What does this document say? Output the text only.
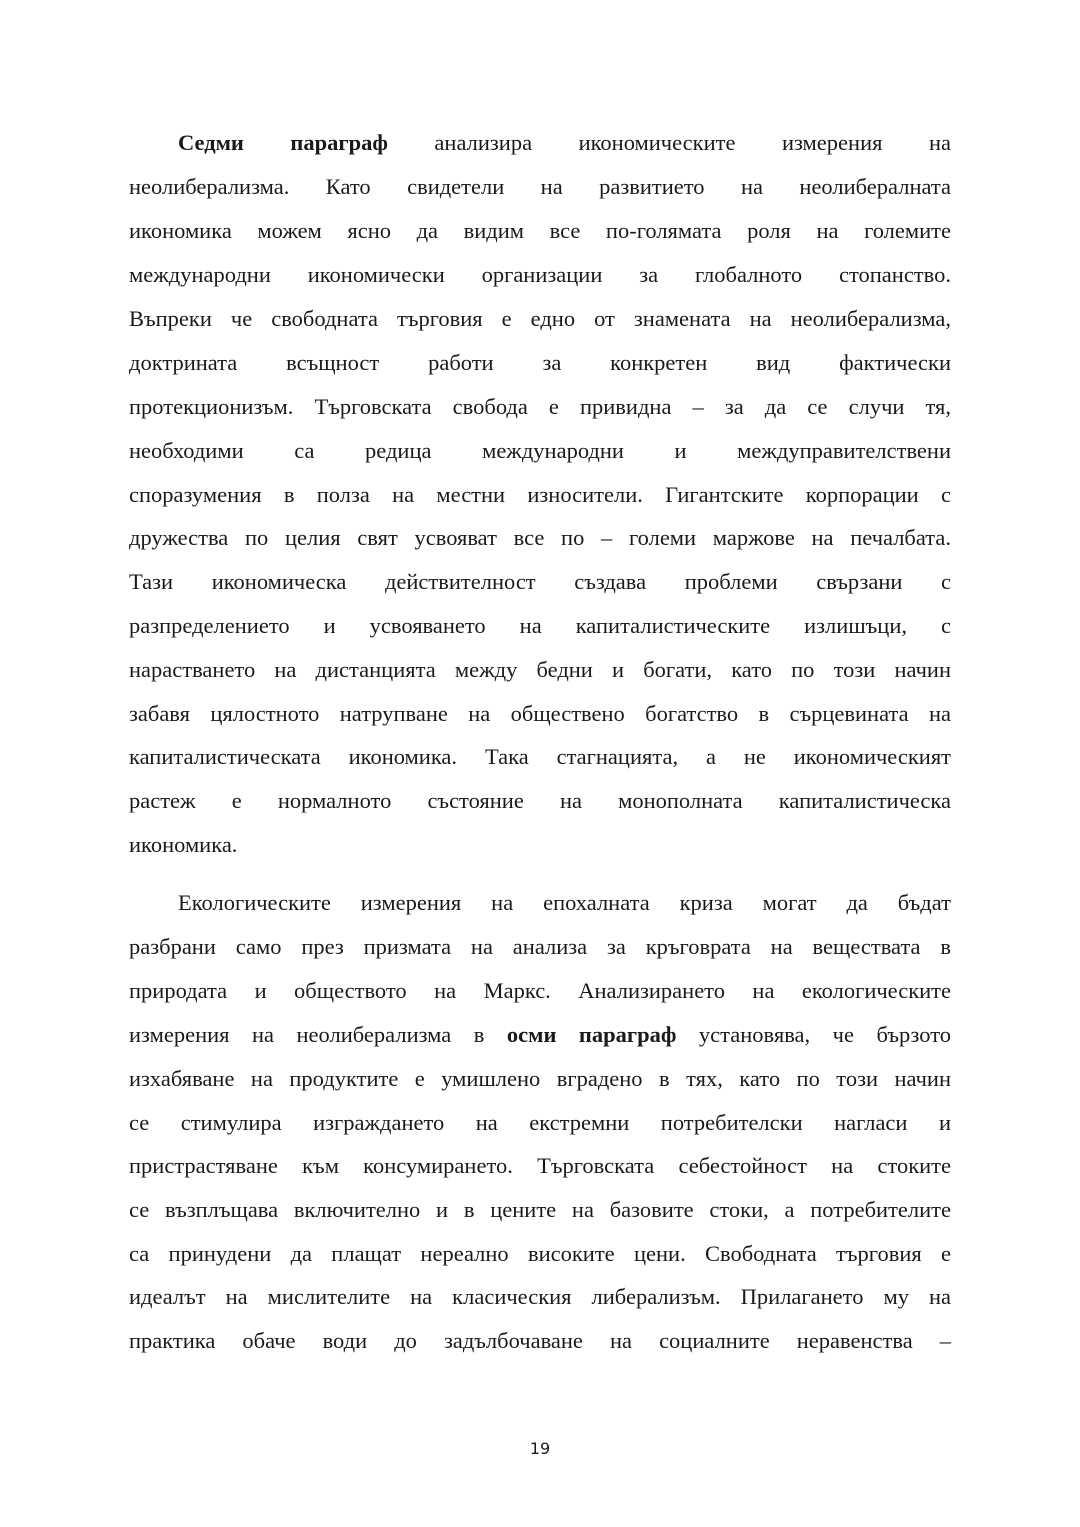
Седми параграф анализира икономическите измерения на
неолиберализма. Като свидетели на развитието на неолибералната
икономика можем ясно да видим все по-голямата роля на големите
международни икономически организации за глобалното стопанство.
Въпреки че свободната търговия е едно от знамената на неолиберализма,
доктрината всъщност работи за конкретен вид фактически
протекционизъм. Търговската свобода е привидна – за да се случи тя,
необходими са редица международни и междуправителствени
споразумения в полза на местни износители. Гигантските корпорации с
дружества по целия свят усвояват все по – големи маржове на печалбата.
Тази икономическа действителност създава проблеми свързани с
разпределението и усвояването на капиталистическите излишъци, с
нарастването на дистанцията между бедни и богати, като по този начин
забавя цялостното натрупване на обществено богатство в сърцевината на
капиталистическата икономика. Така стагнацията, а не икономическият
растеж е нормалното състояние на монополната капиталистическа
икономика.
Екологическите измерения на епохалната криза могат да бъдат
разбрани само през призмата на анализа за кръговрата на веществата в
природата и обществото на Маркс. Анализирането на екологическите
измерения на неолиберализма в осми параграф установява, че бързото
изхабяване на продуктите е умишлено вградено в тях, като по този начин
се стимулира изграждането на екстремни потребителски нагласи и
пристрастяване към консумирането. Търговската себестойност на стоките
се възплъщава включително и в цените на базовите стоки, а потребителите
са принудени да плащат нереално високите цени. Свободната търговия е
идеалът на мислителите на класическия либерализъм. Прилагането му на
практика обаче води до задълбочаване на социалните неравенства –
19
